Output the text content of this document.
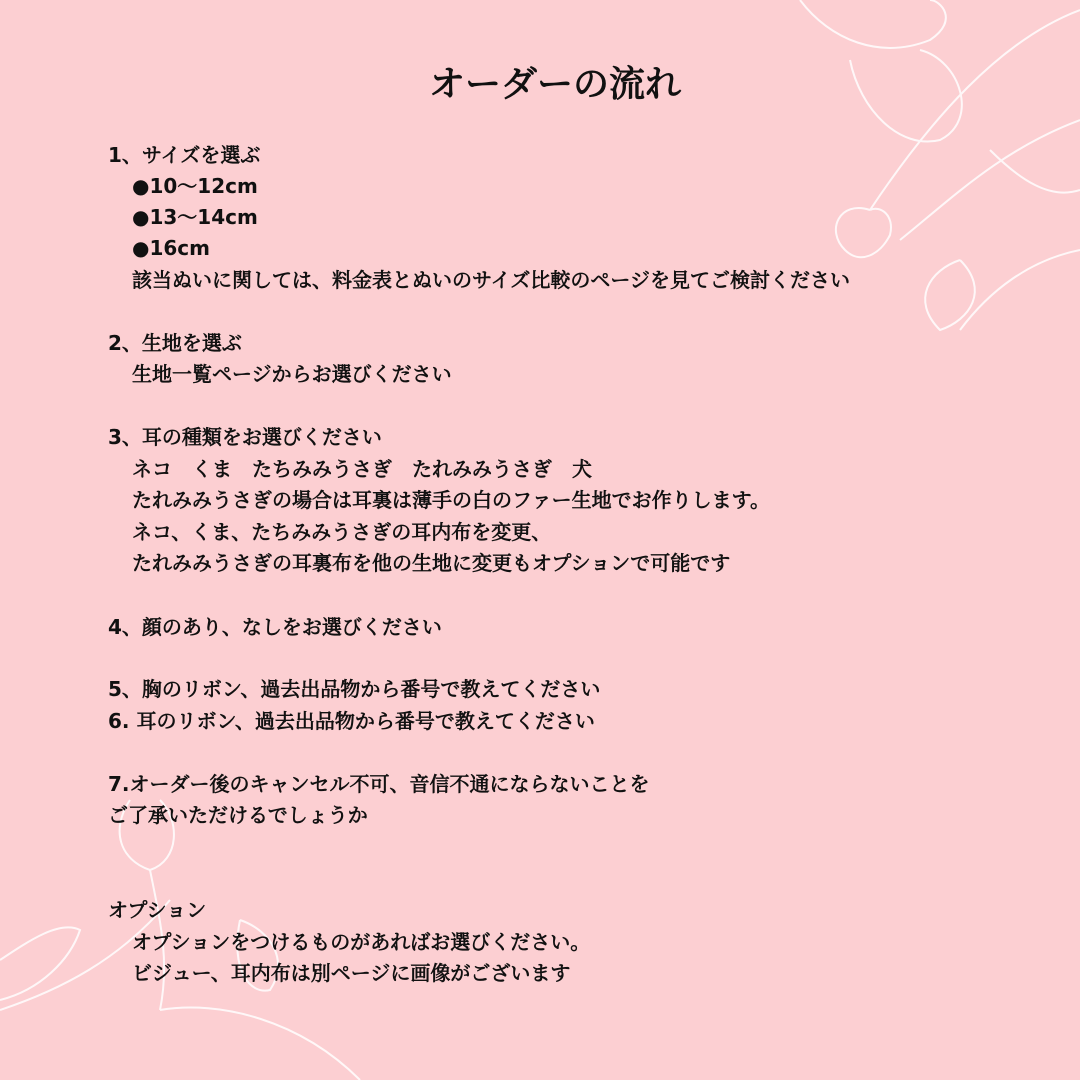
オーダーの流れ
1、サイズを選ぶ
●10〜12cm
●13〜14cm
●16cm
該当ぬいに関しては、料金表とぬいのサイズ比較のページを見てご検討ください
2、生地を選ぶ
生地一覧ページからお選びください
3、耳の種類をお選びください
ネコ　くま　たちみみうさぎ　たれみみうさぎ　犬
たれみみうさぎの場合は耳裏は薄手の白のファー生地でお作りします。
ネコ、くま、たちみみうさぎの耳内布を変更、
たれみみうさぎの耳裏布を他の生地に変更もオプションで可能です
4、顔のあり、なしをお選びください
5、胸のリボン、過去出品物から番号で教えてください
6. 耳のリボン、過去出品物から番号で教えてください
7.オーダー後のキャンセル不可、音信不通にならないことを
ご了承いただけるでしょうか
オプション
オプションをつけるものがあればお選びください。
ビジュー、耳内布は別ページに画像がございます
